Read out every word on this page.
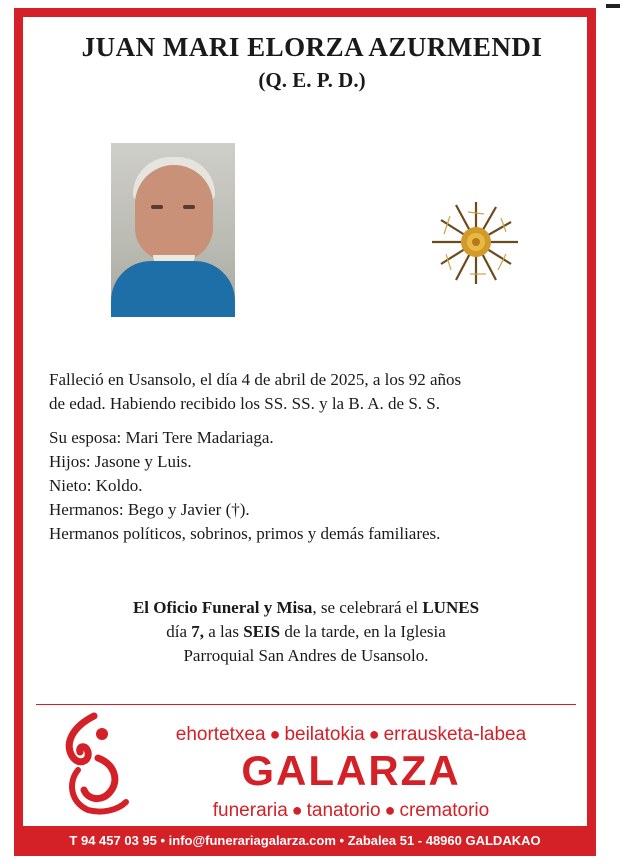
JUAN MARI ELORZA AZURMENDI
(Q. E. P. D.)

Falleció en Usansolo, el día 4 de abril de 2025, a los 92 años

de edad. Habiendo recibido los SS. SS. y la B. A. de S. S.

Su esposa: Mari Tere Madariaga.

Hijos: Jasone y Luis.

Nieto: Koldo.

Hermanos: Bego y Javier (†).

Hermanos políticos, sobrinos, primos y demás familiares.

El Oficio Funeral y Misa, se celebrará el LUNES

día 7, a las SEIS de la tarde, en la Iglesia

Parroquial San Andres de Usansolo.

ehortetxea ● beilatokia ● errausketa-labea
GALARZA
funeraria ● tanatorio ● crematorio
T 94 457 03 95 • info@funerariagalarza.com • Zabalea 51 - 48960 GALDAKAO
